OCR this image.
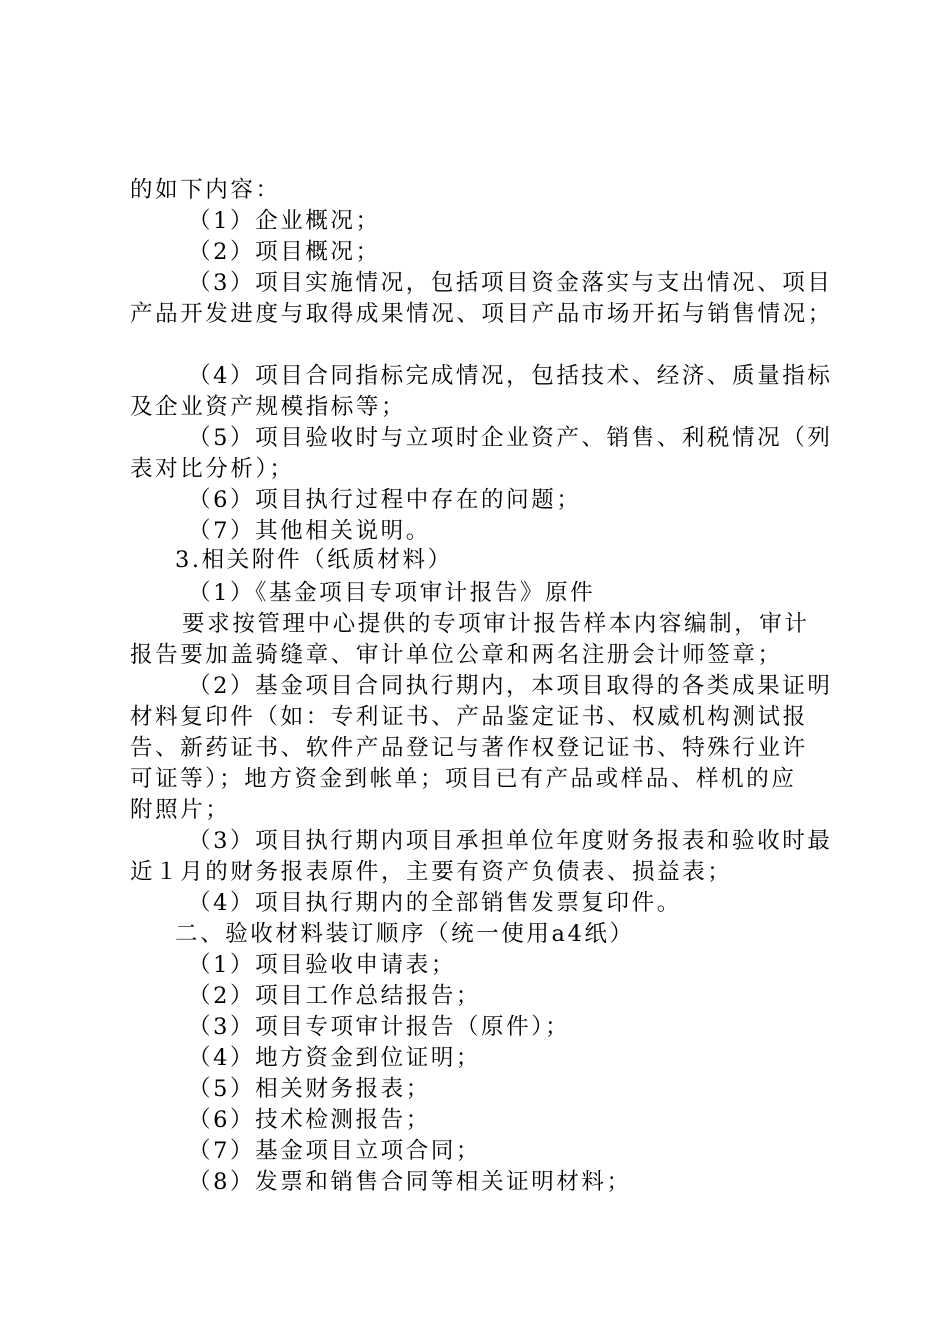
的如下内容：
（1）企业概况；
（2）项目概况；
（3）项目实施情况，包括项目资金落实与支出情况、项目
产品开发进度与取得成果情况、项目产品市场开拓与销售情况；
（4）项目合同指标完成情况，包括技术、经济、质量指标
及企业资产规模指标等；
（5）项目验收时与立项时企业资产、销售、利税情况（列
表对比分析）；
（6）项目执行过程中存在的问题；
（7）其他相关说明。
3.相关附件（纸质材料）
（1）《基金项目专项审计报告》原件
要求按管理中心提供的专项审计报告样本内容编制，审计
报告要加盖骑缝章、审计单位公章和两名注册会计师签章；
（2）基金项目合同执行期内，本项目取得的各类成果证明
材料复印件（如：专利证书、产品鉴定证书、权威机构测试报
告、新药证书、软件产品登记与著作权登记证书、特殊行业许
可证等）；地方资金到帐单；项目已有产品或样品、样机的应
附照片；
（3）项目执行期内项目承担单位年度财务报表和验收时最
近１月的财务报表原件，主要有资产负债表、损益表；
（4）项目执行期内的全部销售发票复印件。
二、验收材料装订顺序（统一使用a4纸）
（1）项目验收申请表；
（2）项目工作总结报告；
（3）项目专项审计报告（原件）；
（4）地方资金到位证明；
（5）相关财务报表；
（6）技术检测报告；
（7）基金项目立项合同；
（8）发票和销售合同等相关证明材料；
